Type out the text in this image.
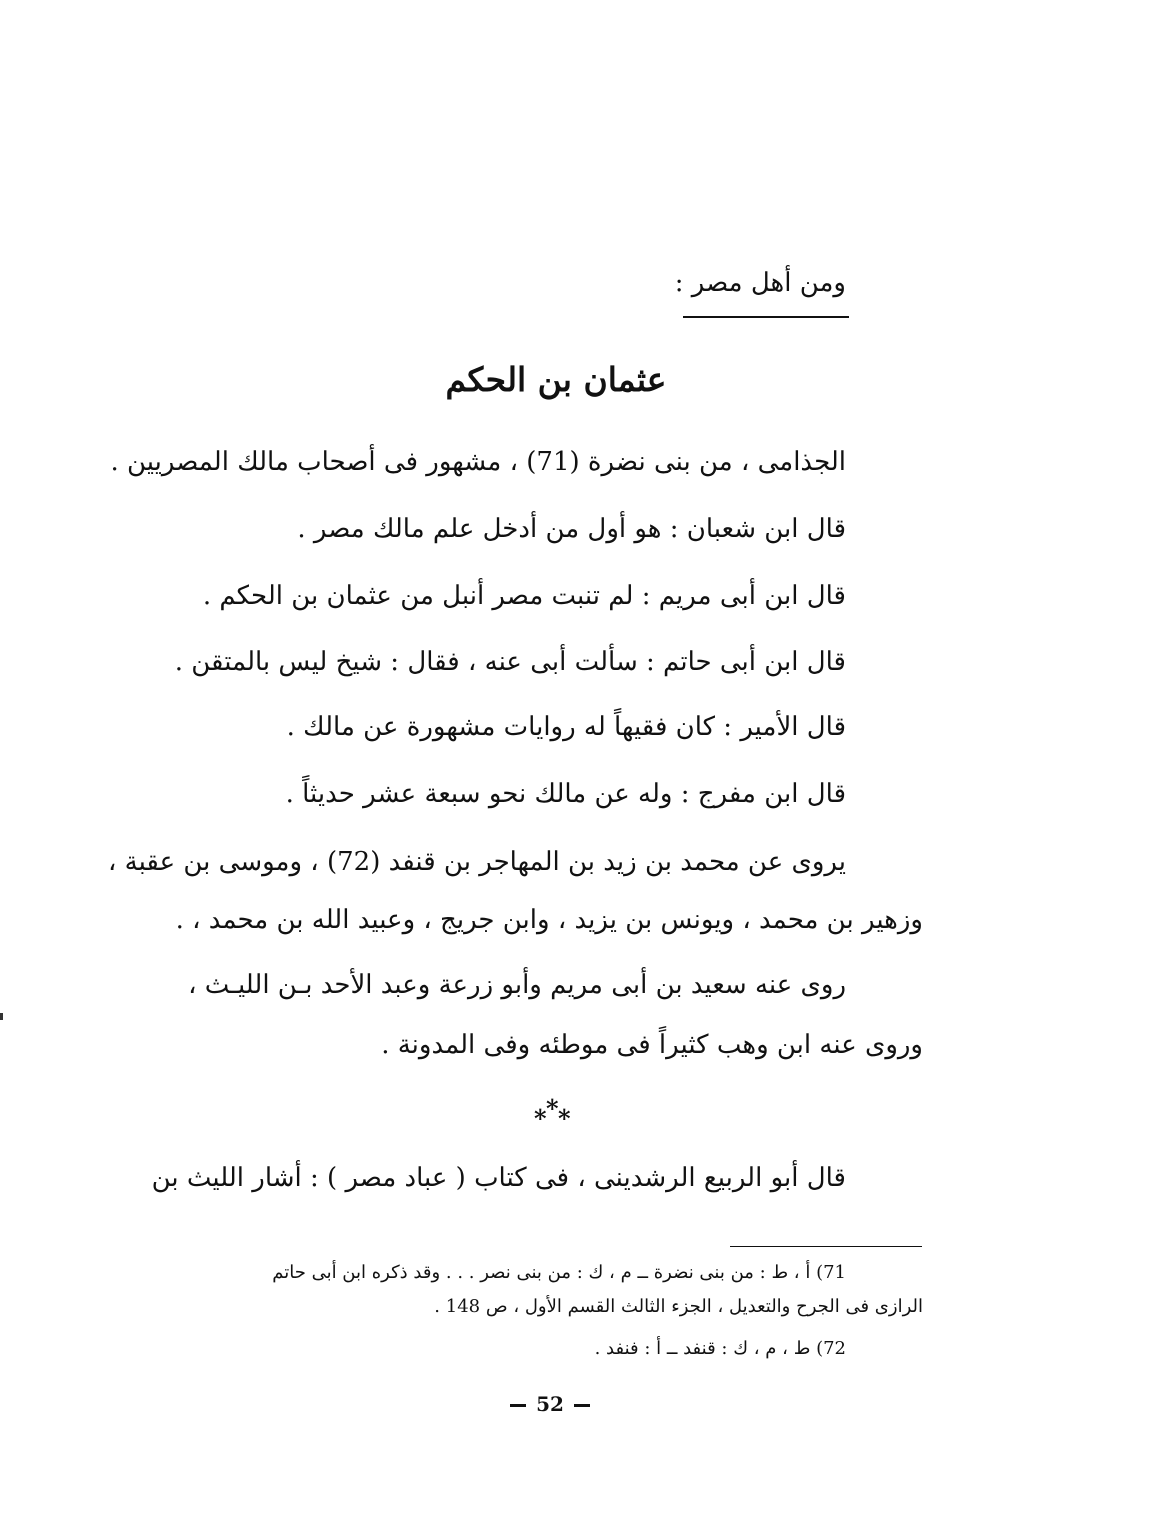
ومن أهل مصر :
عثمان بن الحكم
الجذامى ، من بنى نضرة (71) ، مشهور فى أصحاب مالك المصريين .
قال ابن شعبان : هو أول من أدخل علم مالك مصر .
قال ابن أبى مريم : لم تنبت مصر أنبل من عثمان بن الحكم .
قال ابن أبى حاتم : سألت أبى عنه ، فقال : شيخ ليس بالمتقن .
قال الأمير : كان فقيهاً له روايات مشهورة عن مالك .
قال ابن مفرج : وله عن مالك نحو سبعة عشر حديثاً .
يروى عن محمد بن زيد بن المهاجر بن قنفد (72) ، وموسى بن عقبة ،
وزهير بن محمد ، ويونس بن يزيد ، وابن جريج ، وعبيد الله بن محمد ، .
روى عنه سعيد بن أبى مريم وأبو زرعة وعبد الأحد بـن الليـث ،
وروى عنه ابن وهب كثيراً فى موطئه وفى المدونة .
* * *
قال أبو الربيع الرشدينى ، فى كتاب ( عباد مصر ) : أشار الليث بن
71) أ ، ط : من بنى نضرة ــ م ، ك : من بنى نصر . . . وقد ذكره ابن أبى حاتم
الرازى فى الجرح والتعديل ، الجزء الثالث القسم الأول ، ص 148 .
72) ط ، م ، ك : قنفد ــ أ : فنفد .
52
